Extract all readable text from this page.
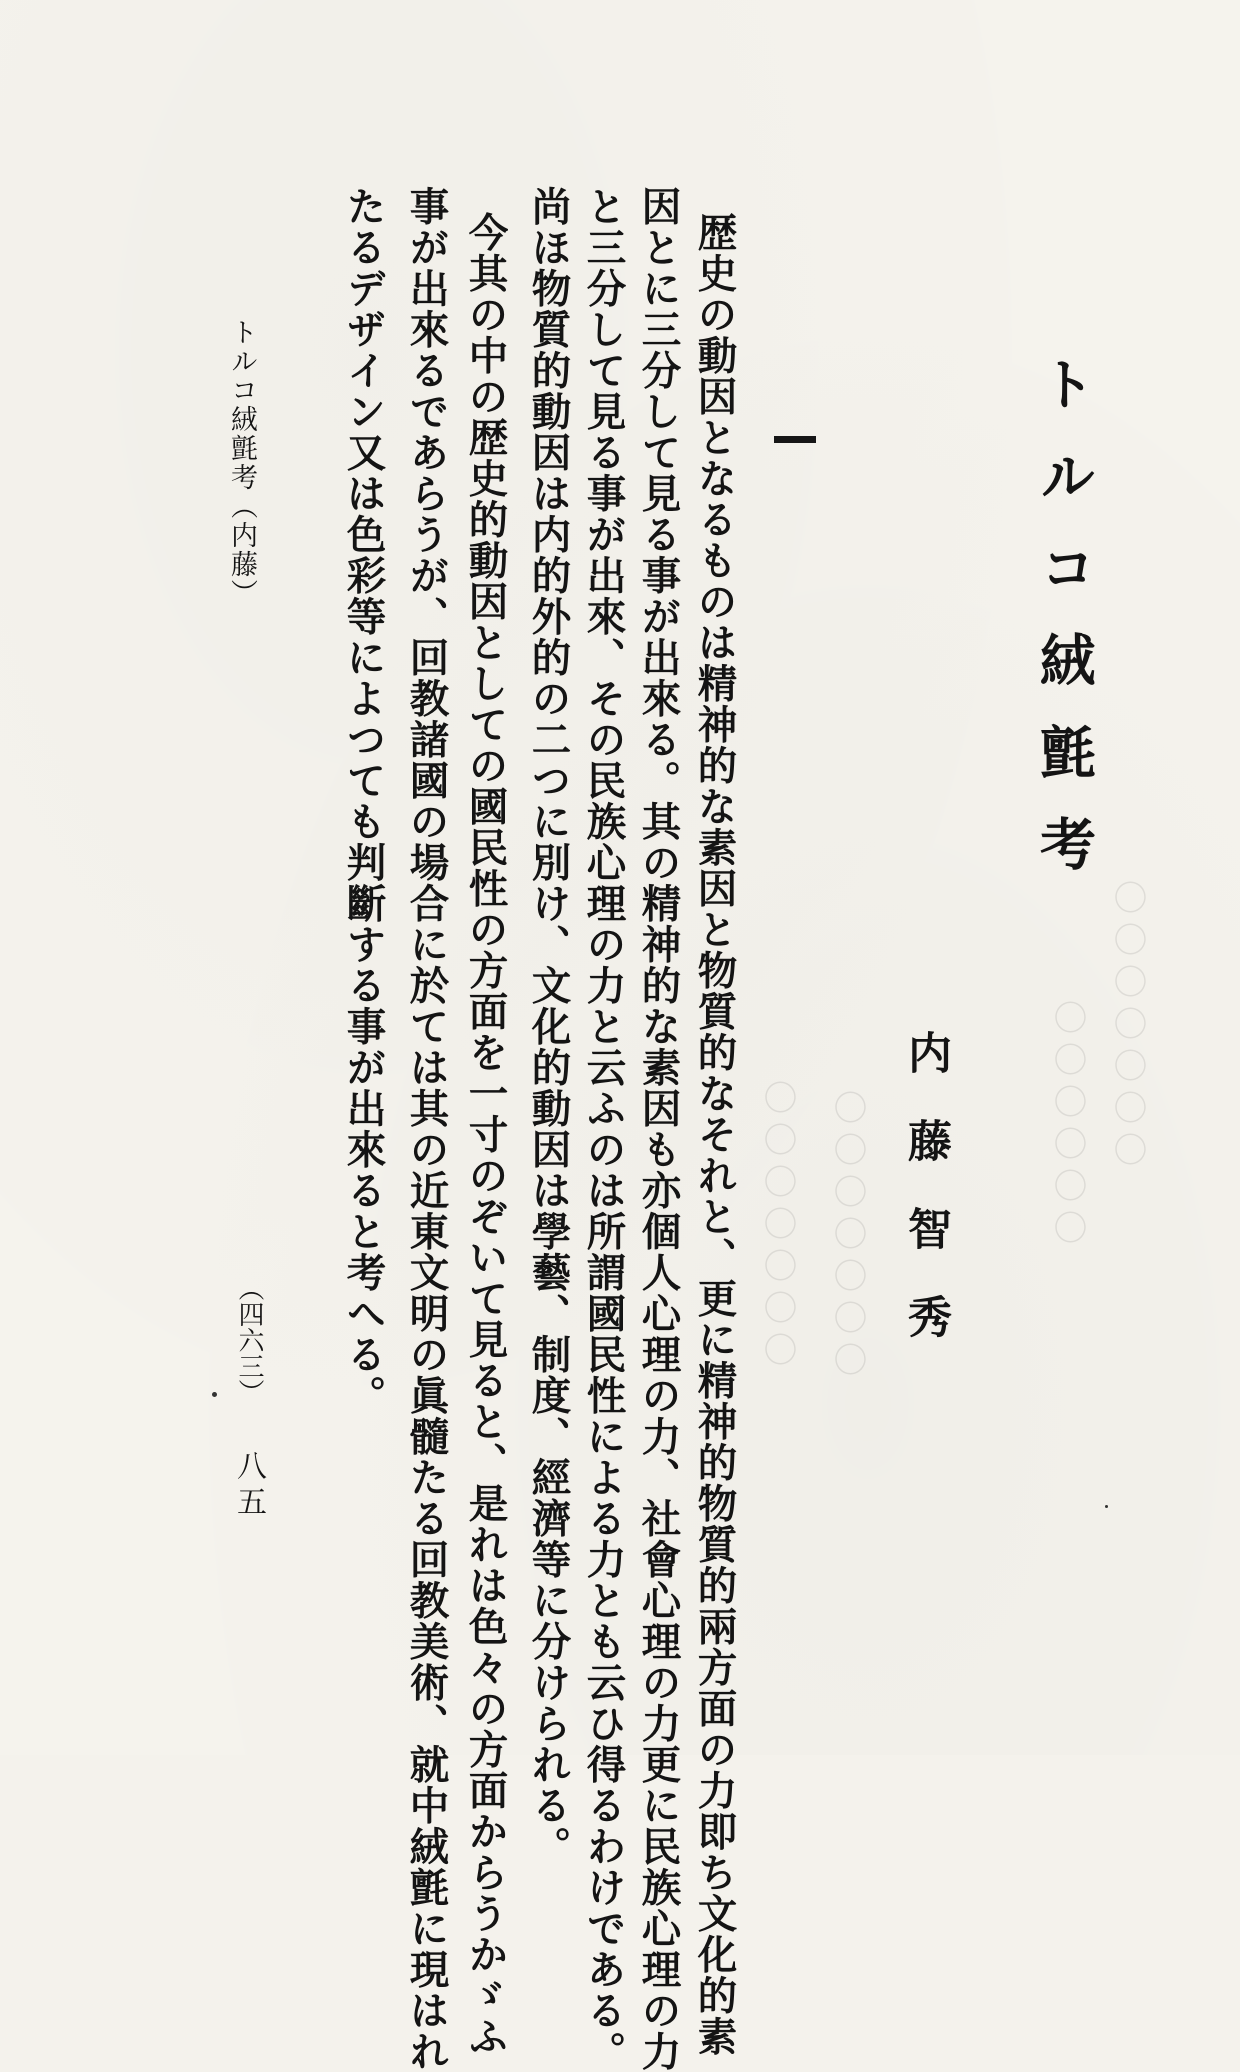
〇〇〇〇〇〇〇
〇〇〇〇〇〇
〇〇〇〇〇〇〇
〇〇〇〇〇〇〇
トルコ絨氈考
内藤智秀
歴史の動因となるものは精神的な素因と物質的なそれと、更に精神的物質的兩方面の力即ち文化的素
因とに三分して見る事が出來る。其の精神的な素因も亦個人心理の力、社會心理の力更に民族心理の力
と三分して見る事が出來、その民族心理の力と云ふのは所謂國民性による力とも云ひ得るわけである。
尚ほ物質的動因は内的外的の二つに別け、文化的動因は學藝、制度、經濟等に分けられる。
今其の中の歴史的動因としての國民性の方面を一寸のぞいて見ると、是れは色々の方面からうかゞふ
事が出來るであらうが、回教諸國の場合に於ては其の近東文明の眞髓たる回教美術、就中絨氈に現はれ
たるデザイン又は色彩等によつても判斷する事が出來ると考へる。
トルコ絨氈考（内藤）
（四六三）
八五
